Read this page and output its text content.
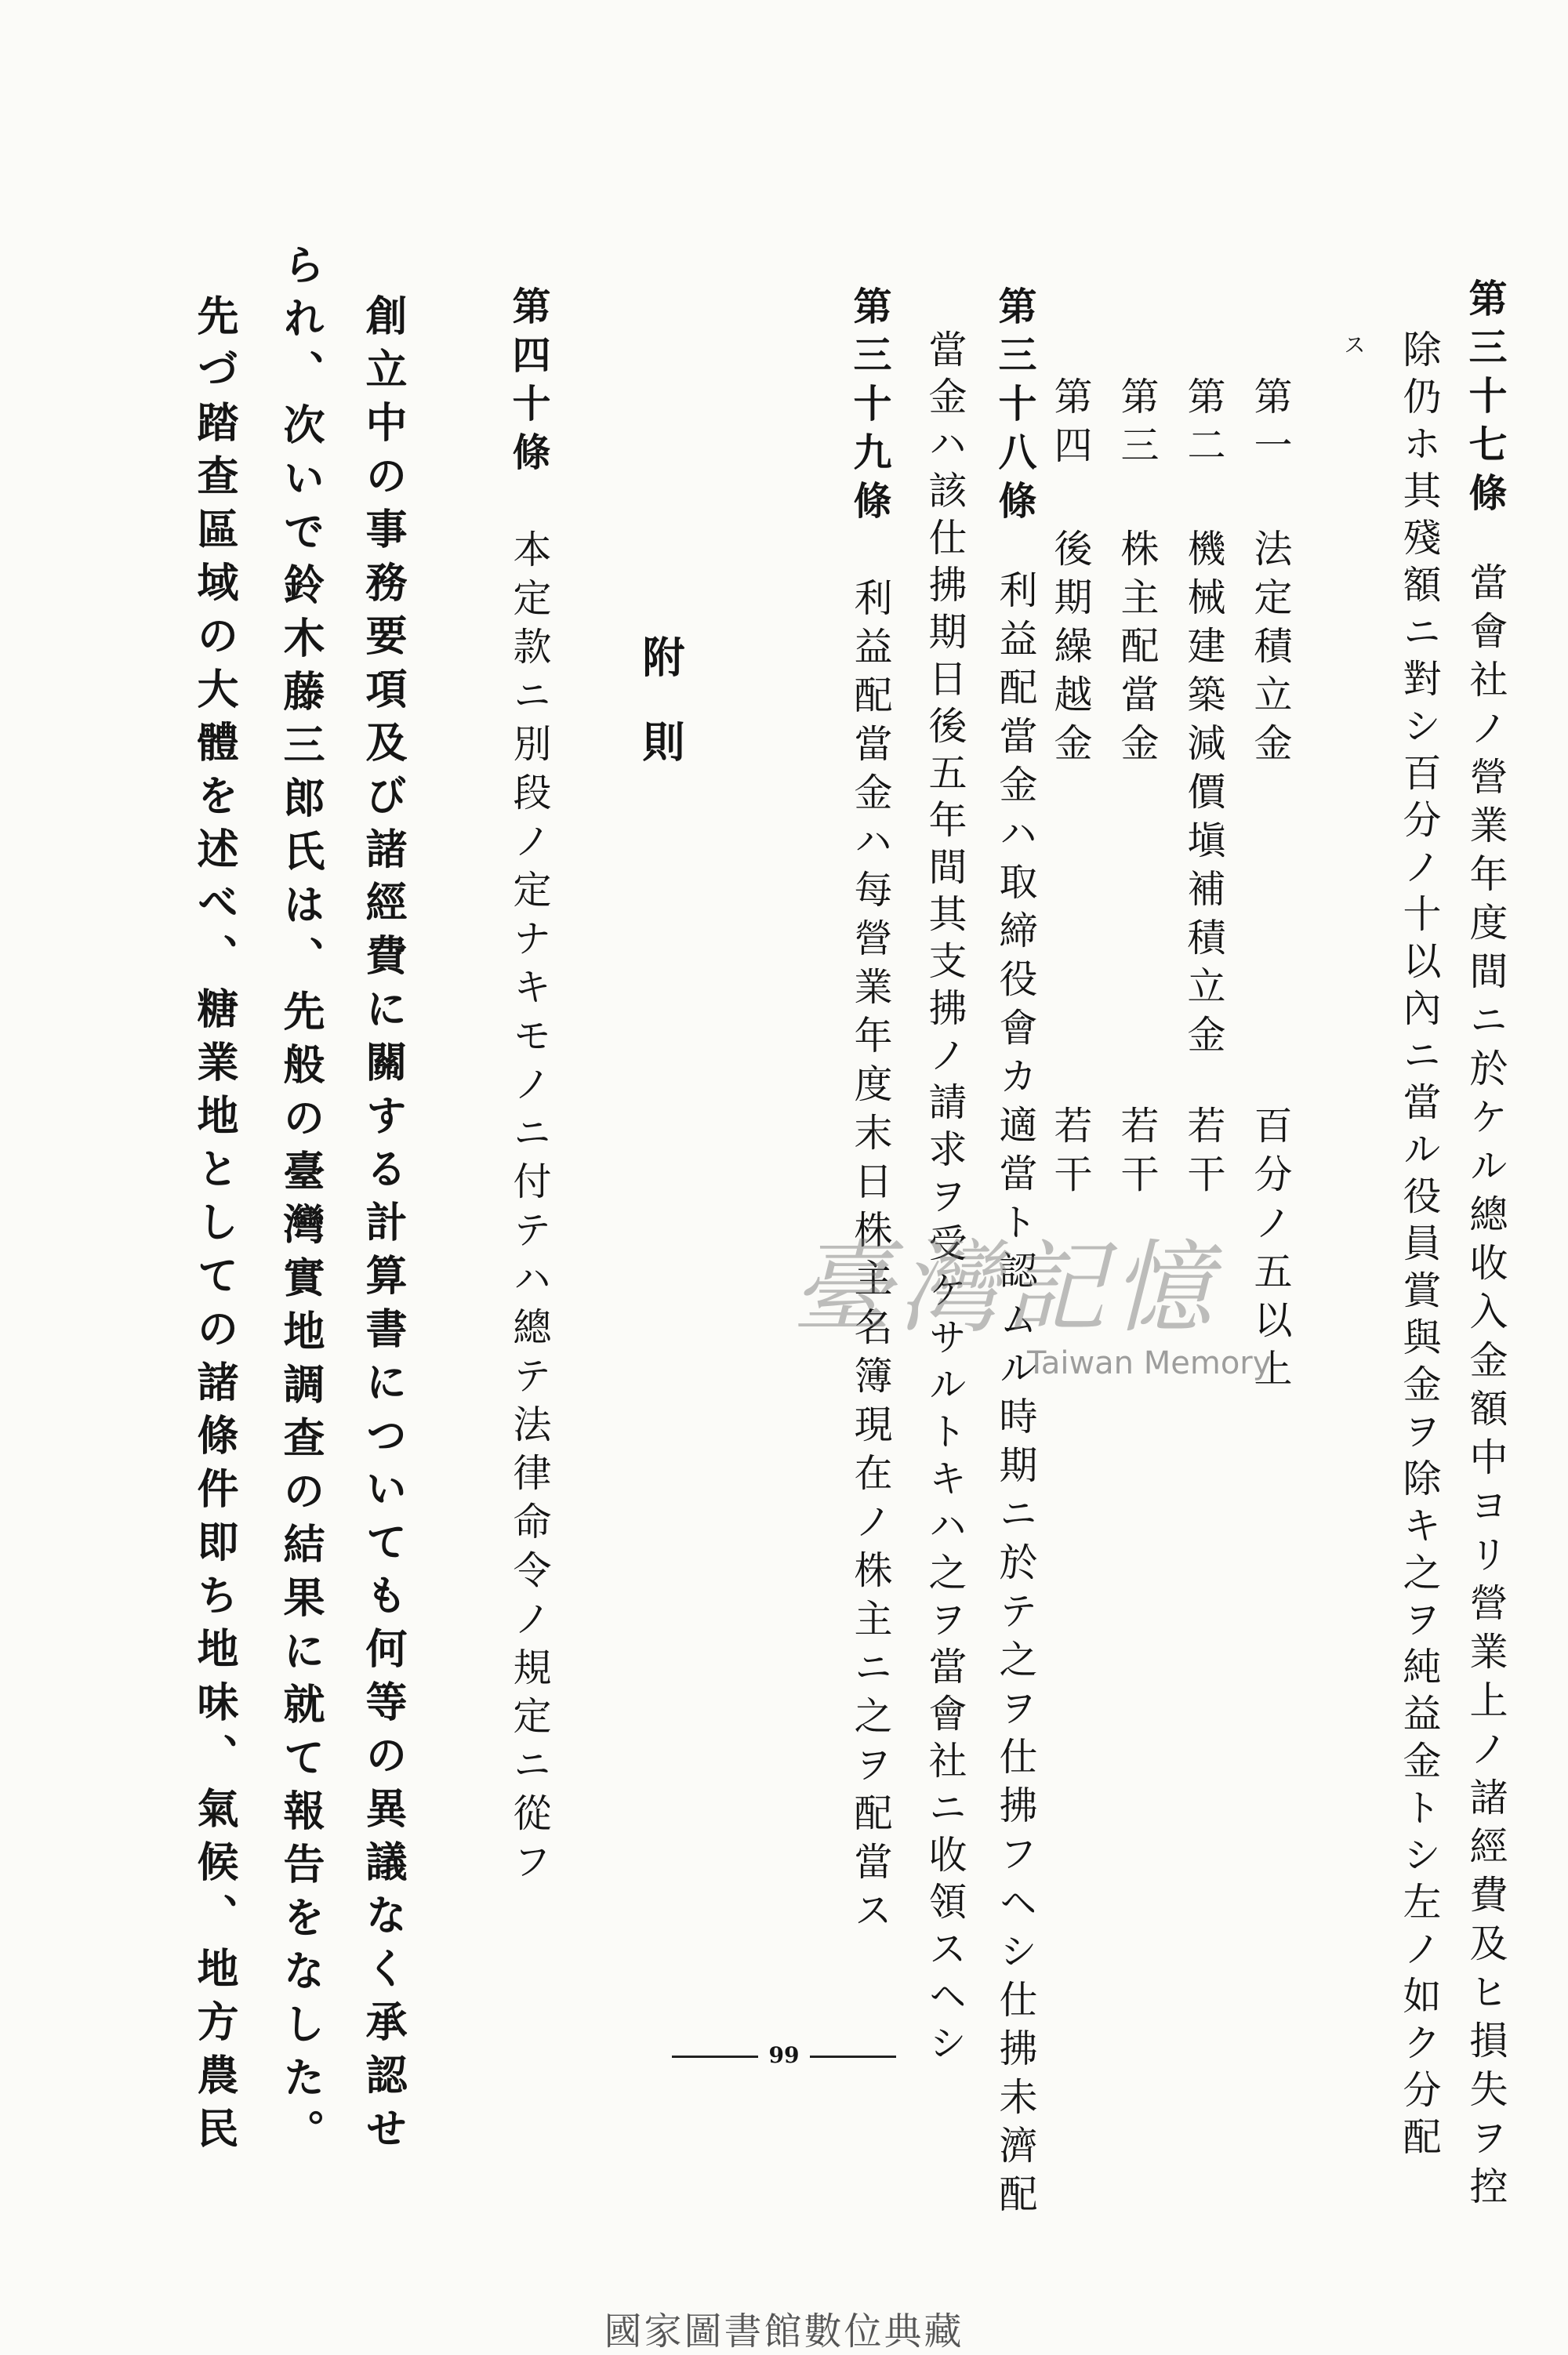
第三十七條當會社ノ營業年度間ニ於ケル總收入金額中ヨリ營業上ノ諸經費及ヒ損失ヲ控
除仍ホ其殘額ニ對シ百分ノ十以內ニ當ル役員賞與金ヲ除キ之ヲ純益金トシ左ノ如ク分配
ス
第一法定積立金
百分ノ五以上
第二機械建築減價塡補積立金
若干
第三株主配當金
若干
第四後期繰越金
若干
第三十八條利益配當金ハ取締役會カ適當ト認ムル時期ニ於テ之ヲ仕拂フヘシ仕拂未濟配
當金ハ該仕拂期日後五年間其支拂ノ請求ヲ受ケサルトキハ之ヲ當會社ニ收領スヘシ
第三十九條利益配當金ハ每營業年度末日株主名簿現在ノ株主ニ之ヲ配當ス
附　則
第四十條本定款ニ別段ノ定ナキモノニ付テハ總テ法律命令ノ規定ニ從フ
創立中の事務要項及び諸經費に關する計算書についても何等の異議なく承認せ
られ、次いで鈴木藤三郎氏は、先般の臺灣實地調查の結果に就て報告をなした。
先づ踏查區域の大體を述べ、糖業地としての諸條件即ち地味、氣候、地方農民	99
臺灣記憶
Taiwan Memory
國家圖書館數位典藏
